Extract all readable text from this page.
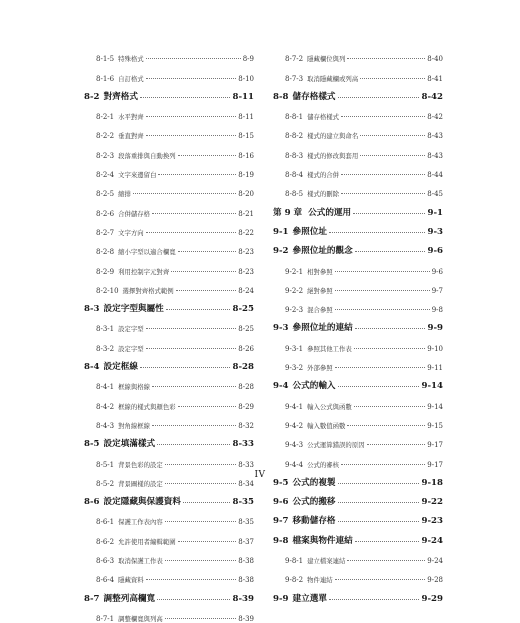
8-1-5 特殊格式	8-9
8-1-6 自訂格式	8-10
8-2 對齊格式	8-11
8-2-1 水平對齊	8-11
8-2-2 垂直對齊	8-15
8-2-3 段落重排與自動換列	8-16
8-2-4 文字來邊留白	8-19
8-2-5 縮排	8-20
8-2-6 合併儲存格	8-21
8-2-7 文字方向	8-22
8-2-8 縮小字型以適合欄寬	8-23
8-2-9 利用控制字元對齊	8-23
8-2-10 選擇對齊格式範例	8-24
8-3 設定字型與屬性	8-25
8-3-1 設定字型	8-25
8-3-2 設定字型	8-26
8-4 設定框線	8-28
8-4-1 框線與格線	8-28
8-4-2 框線的樣式與顏色彩	8-29
8-4-3 對角線框線	8-32
8-5 設定填滿樣式	8-33
8-5-1 背景色彩的設定	8-33
8-5-2 背景圖樣的設定	8-34
8-6 設定隱藏與保護資料	8-35
8-6-1 保護工作表內容	8-35
8-6-2 允許使用者編輯範圍	8-37
8-6-3 取消保護工作表	8-38
8-6-4 隱藏資料	8-38
8-7 調整列高欄寬	8-39
8-7-1 調整欄寬與列高	8-39
8-7-2 隱藏欄位與列	8-40
8-7-3 取消隱藏欄或列高	8-41
8-8 儲存格樣式	8-42
8-8-1 儲存格樣式	8-42
8-8-2 樣式的建立與命名	8-43
8-8-3 樣式的修改與套用	8-43
8-8-4 樣式的合併	8-44
8-8-5 樣式的刪除	8-45
第 9 章 公式的運用	9-1
9-1 參照位址	9-3
9-2 參照位址的觀念	9-6
9-2-1 相對參照	9-6
9-2-2 絕對參照	9-7
9-2-3 混合參照	9-8
9-3 參照位址的連結	9-9
9-3-1 參照其他工作表	9-10
9-3-2 外部參照	9-11
9-4 公式的輸入	9-14
9-4-1 輸入公式與函數	9-14
9-4-2 輸入數值函數	9-15
9-4-3 公式運算錯誤的原因	9-17
9-4-4 公式的審核	9-17
9-5 公式的複製	9-18
9-6 公式的搬移	9-22
9-7 移動儲存格	9-23
9-8 檔案與物件連結	9-24
9-8-1 建立檔案連結	9-24
9-8-2 物件連結	9-28
9-9 建立選單	9-29
IV
